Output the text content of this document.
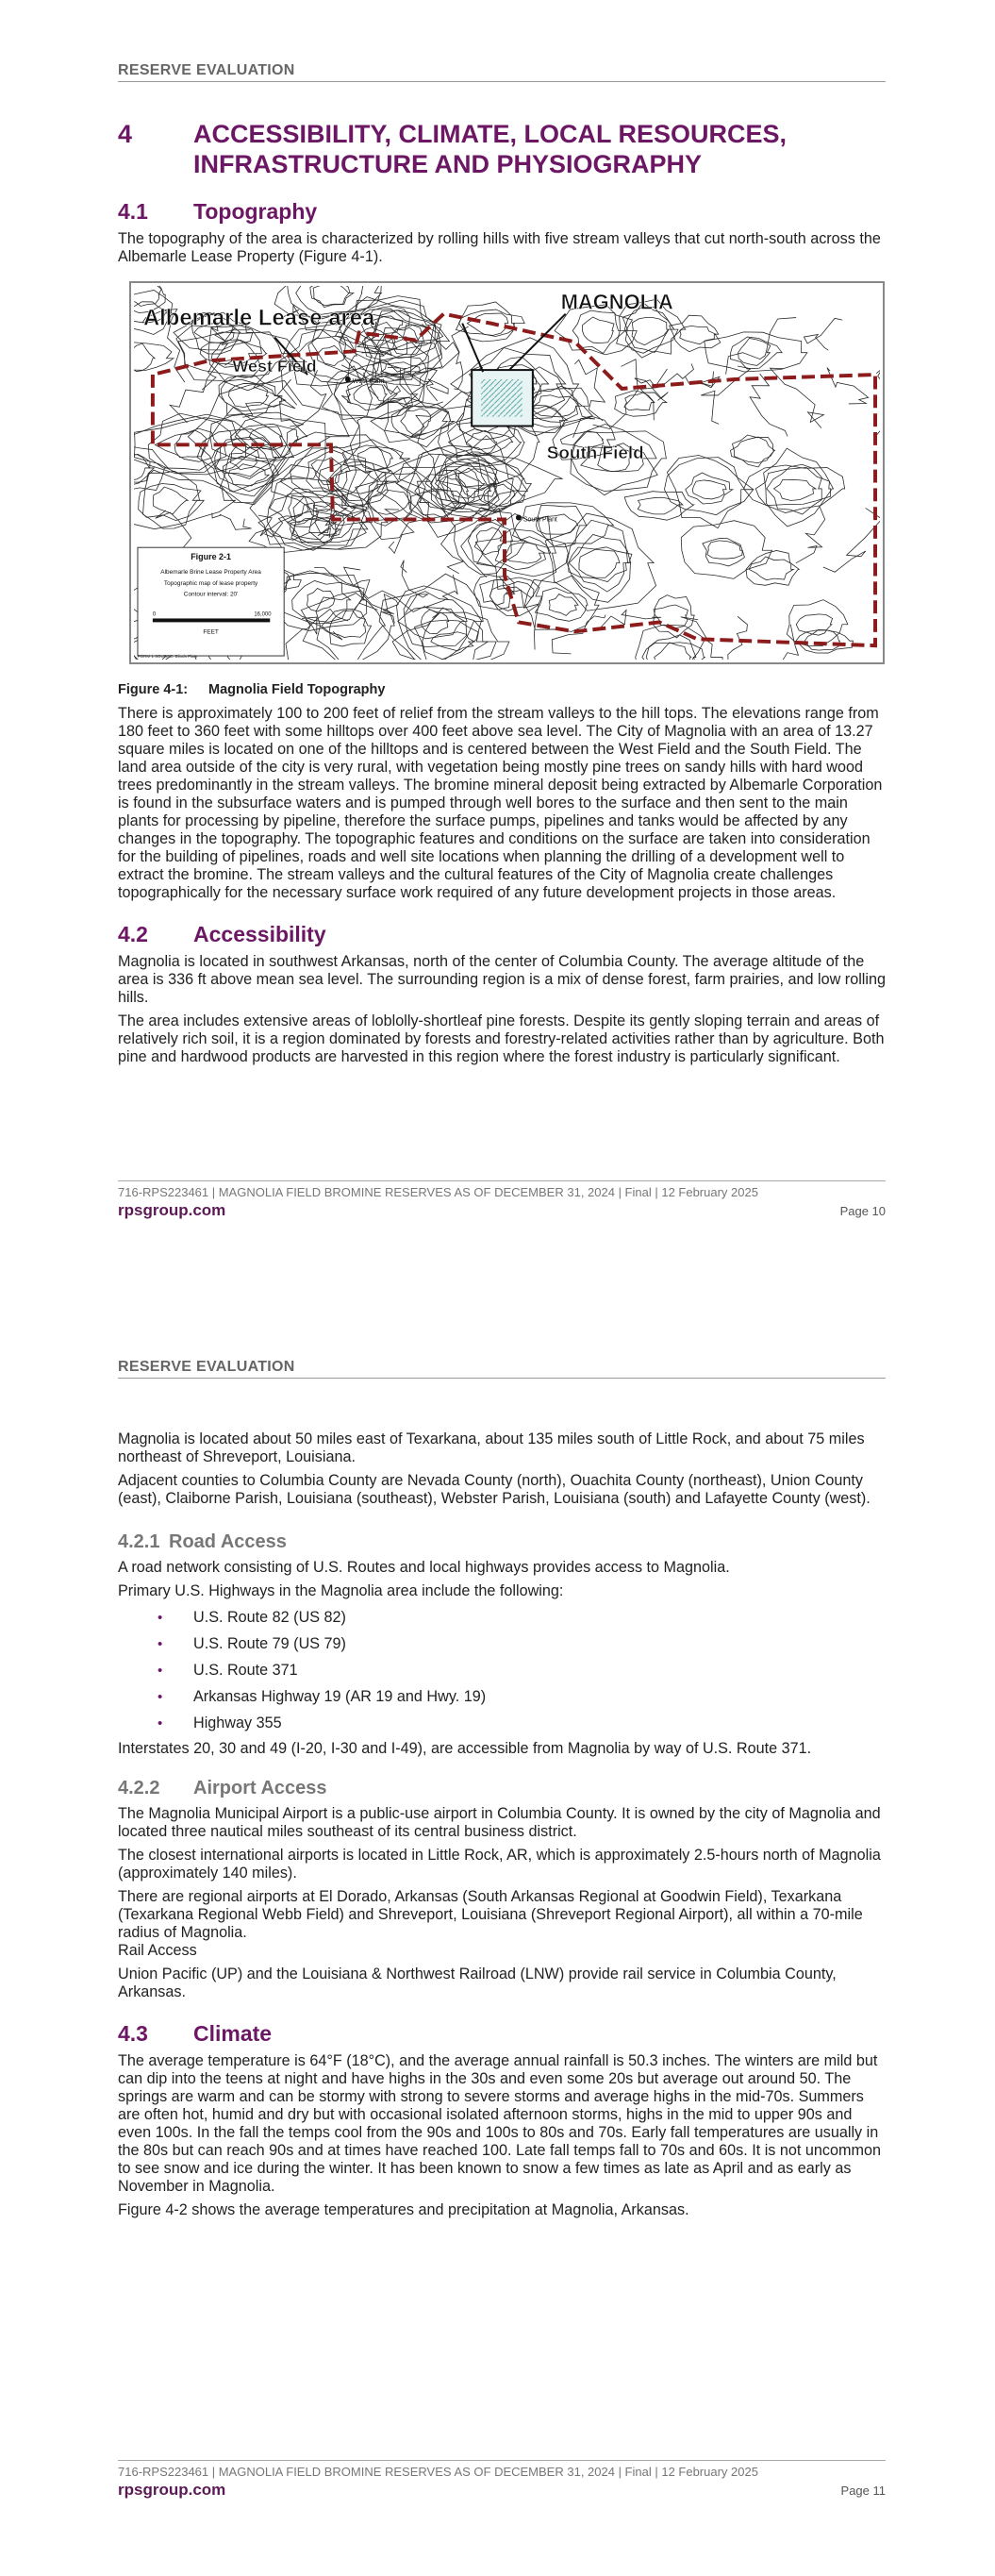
RESERVE EVALUATION
4	ACCESSIBILITY, CLIMATE, LOCAL RESOURCES, INFRASTRUCTURE AND PHYSIOGRAPHY
4.1	Topography

The topography of the area is characterized by rolling hills with five stream valleys that cut north-south across the Albemarle Lease Property (Figure 4-1).

Albemarle Lease area
MAGNOLIA
West Field
South Field
West Plant
South Plant
Figure 2-1
Albemarle Brine Lease Property Area
Topographic map of lease property
Contour interval: 20'
0	16,000
FEET
FORM 1 SOURCE: Blinds Plats

Figure 4-1:	Magnolia Field Topography

There is approximately 100 to 200 feet of relief from the stream valleys to the hill tops. The elevations range from 180 feet to 360 feet with some hilltops over 400 feet above sea level. The City of Magnolia with an area of 13.27 square miles is located on one of the hilltops and is centered between the West Field and the South Field. The land area outside of the city is very rural, with vegetation being mostly pine trees on sandy hills with hard wood trees predominantly in the stream valleys. The bromine mineral deposit being extracted by Albemarle Corporation is found in the subsurface waters and is pumped through well bores to the surface and then sent to the main plants for processing by pipeline, therefore the surface pumps, pipelines and tanks would be affected by any changes in the topography. The topographic features and conditions on the surface are taken into consideration for the building of pipelines, roads and well site locations when planning the drilling of a development well to extract the bromine. The stream valleys and the cultural features of the City of Magnolia create challenges topographically for the necessary surface work required of any future development projects in those areas.

4.2	Accessibility

Magnolia is located in southwest Arkansas, north of the center of Columbia County. The average altitude of the area is 336 ft above mean sea level. The surrounding region is a mix of dense forest, farm prairies, and low rolling hills.

The area includes extensive areas of loblolly-shortleaf pine forests. Despite its gently sloping terrain and areas of relatively rich soil, it is a region dominated by forests and forestry-related activities rather than by agriculture. Both pine and hardwood products are harvested in this region where the forest industry is particularly significant.

716-RPS223461 | MAGNOLIA FIELD BROMINE RESERVES AS OF DECEMBER 31, 2024 | Final | 12 February 2025
rpsgroup.com	Page 10
RESERVE EVALUATION

Magnolia is located about 50 miles east of Texarkana, about 135 miles south of Little Rock, and about 75 miles northeast of Shreveport, Louisiana.

Adjacent counties to Columbia County are Nevada County (north), Ouachita County (northeast), Union County (east), Claiborne Parish, Louisiana (southeast), Webster Parish, Louisiana (south) and Lafayette County (west).

4.2.1 Road Access

A road network consisting of U.S. Routes and local highways provides access to Magnolia.

Primary U.S. Highways in the Magnolia area include the following:

• U.S. Route 82 (US 82)
• U.S. Route 79 (US 79)
• U.S. Route 371
• Arkansas Highway 19 (AR 19 and Hwy. 19)
• Highway 355

Interstates 20, 30 and 49 (I-20, I-30 and I-49), are accessible from Magnolia by way of U.S. Route 371.

4.2.2	Airport Access

The Magnolia Municipal Airport is a public-use airport in Columbia County. It is owned by the city of Magnolia and located three nautical miles southeast of its central business district.

The closest international airports is located in Little Rock, AR, which is approximately 2.5-hours north of Magnolia (approximately 140 miles).

There are regional airports at El Dorado, Arkansas (South Arkansas Regional at Goodwin Field), Texarkana (Texarkana Regional Webb Field) and Shreveport, Louisiana (Shreveport Regional Airport), all within a 70-mile radius of Magnolia.

Rail Access

Union Pacific (UP) and the Louisiana & Northwest Railroad (LNW) provide rail service in Columbia County, Arkansas.

4.3	Climate

The average temperature is 64°F (18°C), and the average annual rainfall is 50.3 inches. The winters are mild but can dip into the teens at night and have highs in the 30s and even some 20s but average out around 50. The springs are warm and can be stormy with strong to severe storms and average highs in the mid-70s. Summers are often hot, humid and dry but with occasional isolated afternoon storms, highs in the mid to upper 90s and even 100s. In the fall the temps cool from the 90s and 100s to 80s and 70s. Early fall temperatures are usually in the 80s but can reach 90s and at times have reached 100. Late fall temps fall to 70s and 60s. It is not uncommon to see snow and ice during the winter. It has been known to snow a few times as late as April and as early as November in Magnolia.

Figure 4-2 shows the average temperatures and precipitation at Magnolia, Arkansas.

716-RPS223461 | MAGNOLIA FIELD BROMINE RESERVES AS OF DECEMBER 31, 2024 | Final | 12 February 2025
rpsgroup.com	Page 11
